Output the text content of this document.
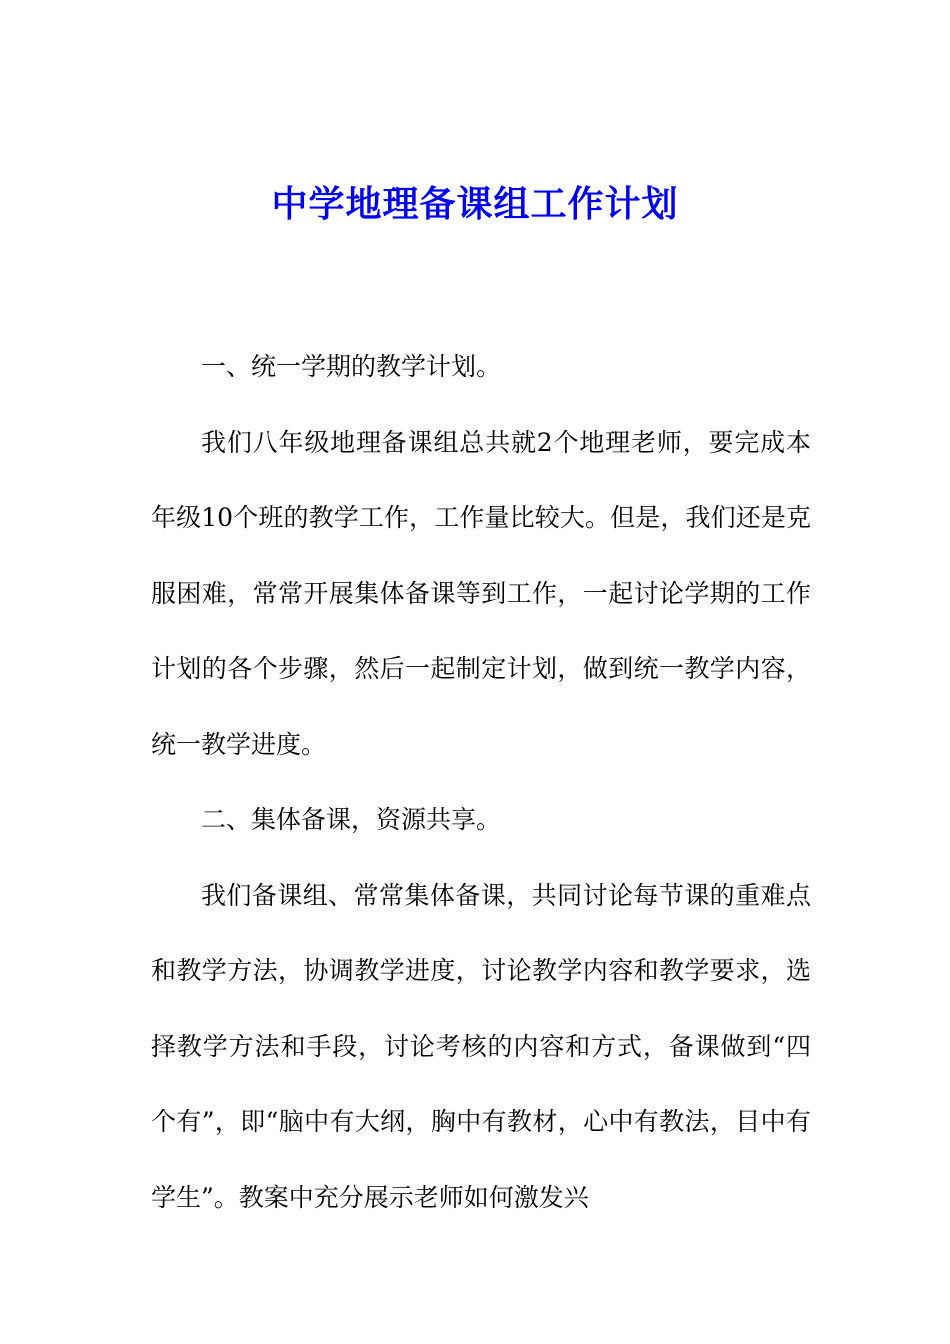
中学地理备课组工作计划

一、统一学期的教学计划。

我们八年级地理备课组总共就2个地理老师，要完成本年级10个班的教学工作，工作量比较大。但是，我们还是克服困难，常常开展集体备课等到工作，一起讨论学期的工作计划的各个步骤，然后一起制定计划，做到统一教学内容，统一教学进度。

二、集体备课，资源共享。

我们备课组、常常集体备课，共同讨论每节课的重难点和教学方法，协调教学进度，讨论教学内容和教学要求，选择教学方法和手段，讨论考核的内容和方式，备课做到“四个有”，即“脑中有大纲，胸中有教材，心中有教法，目中有学生”。教案中充分展示老师如何激发兴
